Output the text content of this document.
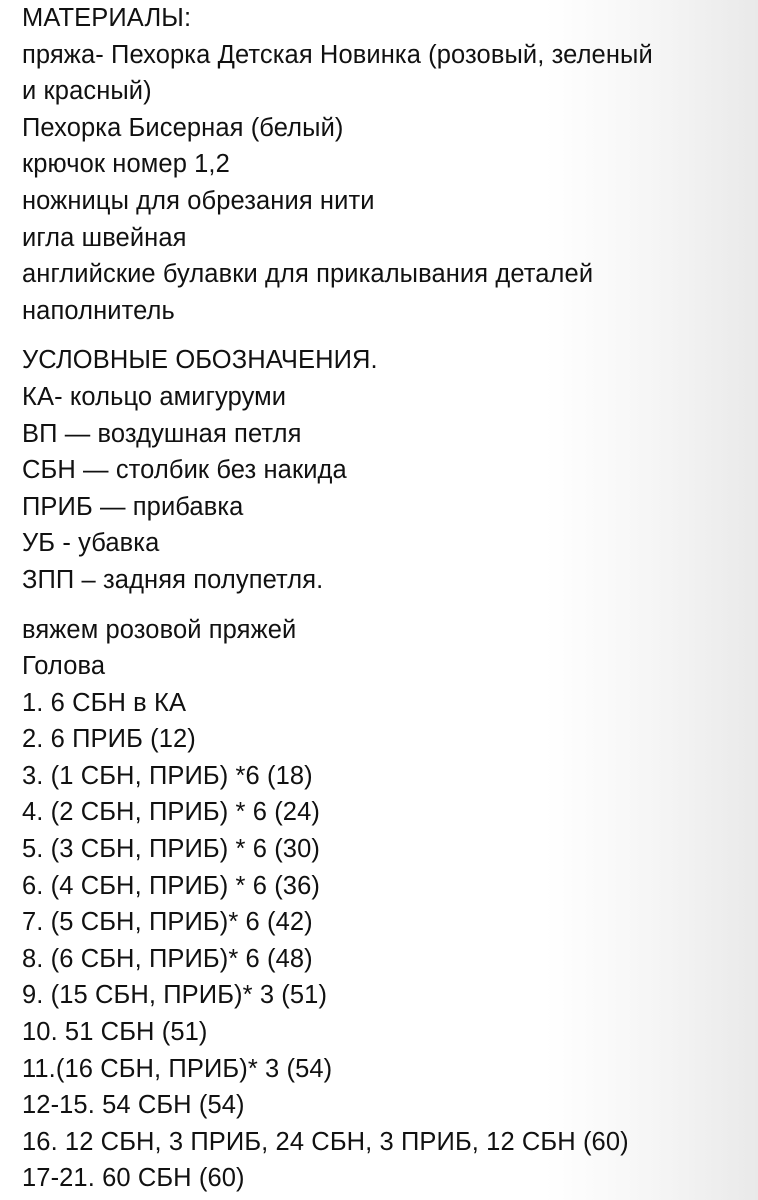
МАТЕРИАЛЫ:
пряжа- Пехорка Детская Новинка (розовый, зеленый
и красный)
Пехорка Бисерная (белый)
крючок номер 1,2
ножницы для обрезания нити
игла швейная
английские булавки для прикалывания деталей
наполнитель
УСЛОВНЫЕ ОБОЗНАЧЕНИЯ.
КА- кольцо амигуруми
ВП — воздушная петля
СБН — столбик без накида
ПРИБ — прибавка
УБ - убавка
ЗПП – задняя полупетля.
вяжем розовой пряжей
Голова
1. 6 СБН в КА
2. 6 ПРИБ (12)
3. (1 СБН, ПРИБ) *6 (18)
4. (2 СБН, ПРИБ) * 6 (24)
5. (3 СБН, ПРИБ) * 6 (30)
6. (4 СБН, ПРИБ) * 6 (36)
7. (5 СБН, ПРИБ)* 6 (42)
8. (6 СБН, ПРИБ)* 6 (48)
9. (15 СБН, ПРИБ)* 3 (51)
10. 51 СБН (51)
11.(16 СБН, ПРИБ)* 3 (54)
12-15. 54 СБН (54)
16. 12 СБН, 3 ПРИБ, 24 СБН, 3 ПРИБ, 12 СБН (60)
17-21. 60 СБН (60)
